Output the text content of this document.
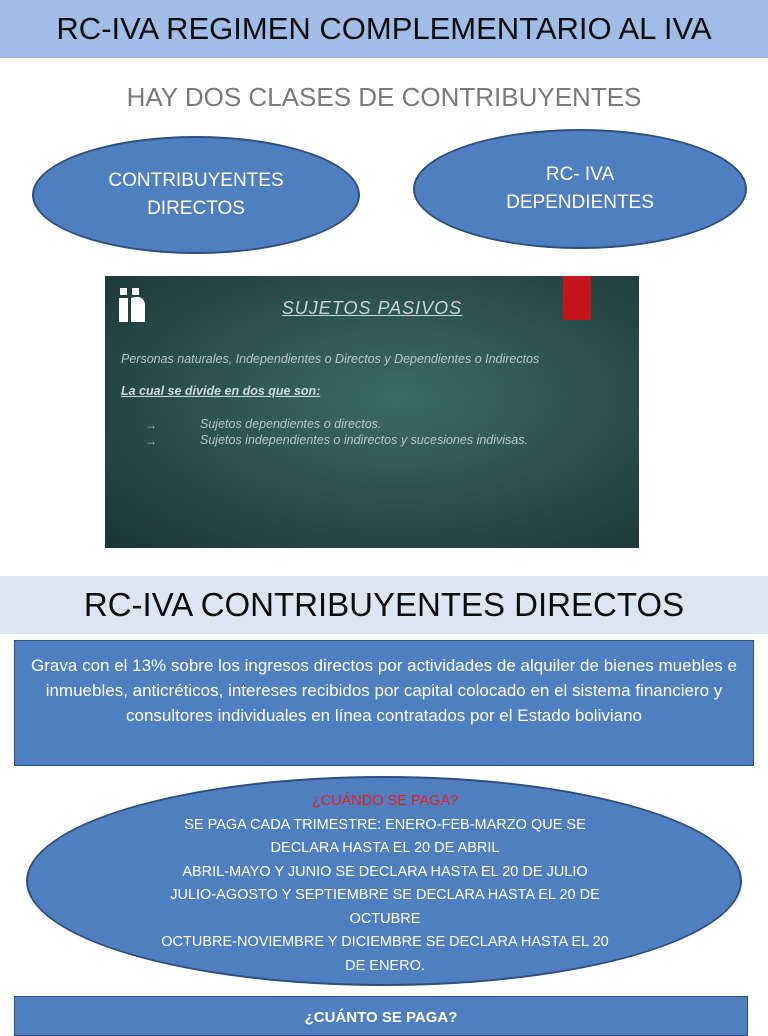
RC-IVA REGIMEN COMPLEMENTARIO AL IVA
HAY DOS CLASES DE CONTRIBUYENTES
CONTRIBUYENTES
DIRECTOS
RC- IVA
DEPENDIENTES
SUJETOS PASIVOS
Personas naturales, Independientes o Directos y Dependientes o Indirectos
La cual se divide en dos que son:
→
→
Sujetos dependientes o directos.
Sujetos independientes o indirectos y sucesiones indivisas.
RC-IVA CONTRIBUYENTES DIRECTOS
Grava con el 13% sobre los ingresos directos por actividades de alquiler de bienes muebles e inmuebles, anticréticos, intereses recibidos por capital colocado en el sistema financiero y consultores individuales en línea contratados por el Estado boliviano
¿CUÁNDO SE PAGA?
SE PAGA CADA TRIMESTRE: ENERO-FEB-MARZO QUE SE
DECLARA HASTA EL 20 DE ABRIL
ABRIL-MAYO Y JUNIO SE DECLARA HASTA EL 20 DE JULIO
JULIO-AGOSTO Y SEPTIEMBRE SE DECLARA HASTA EL 20 DE
OCTUBRE
OCTUBRE-NOVIEMBRE Y DICIEMBRE SE DECLARA HASTA EL 20
DE ENERO.
¿CUÁNTO SE PAGA?
